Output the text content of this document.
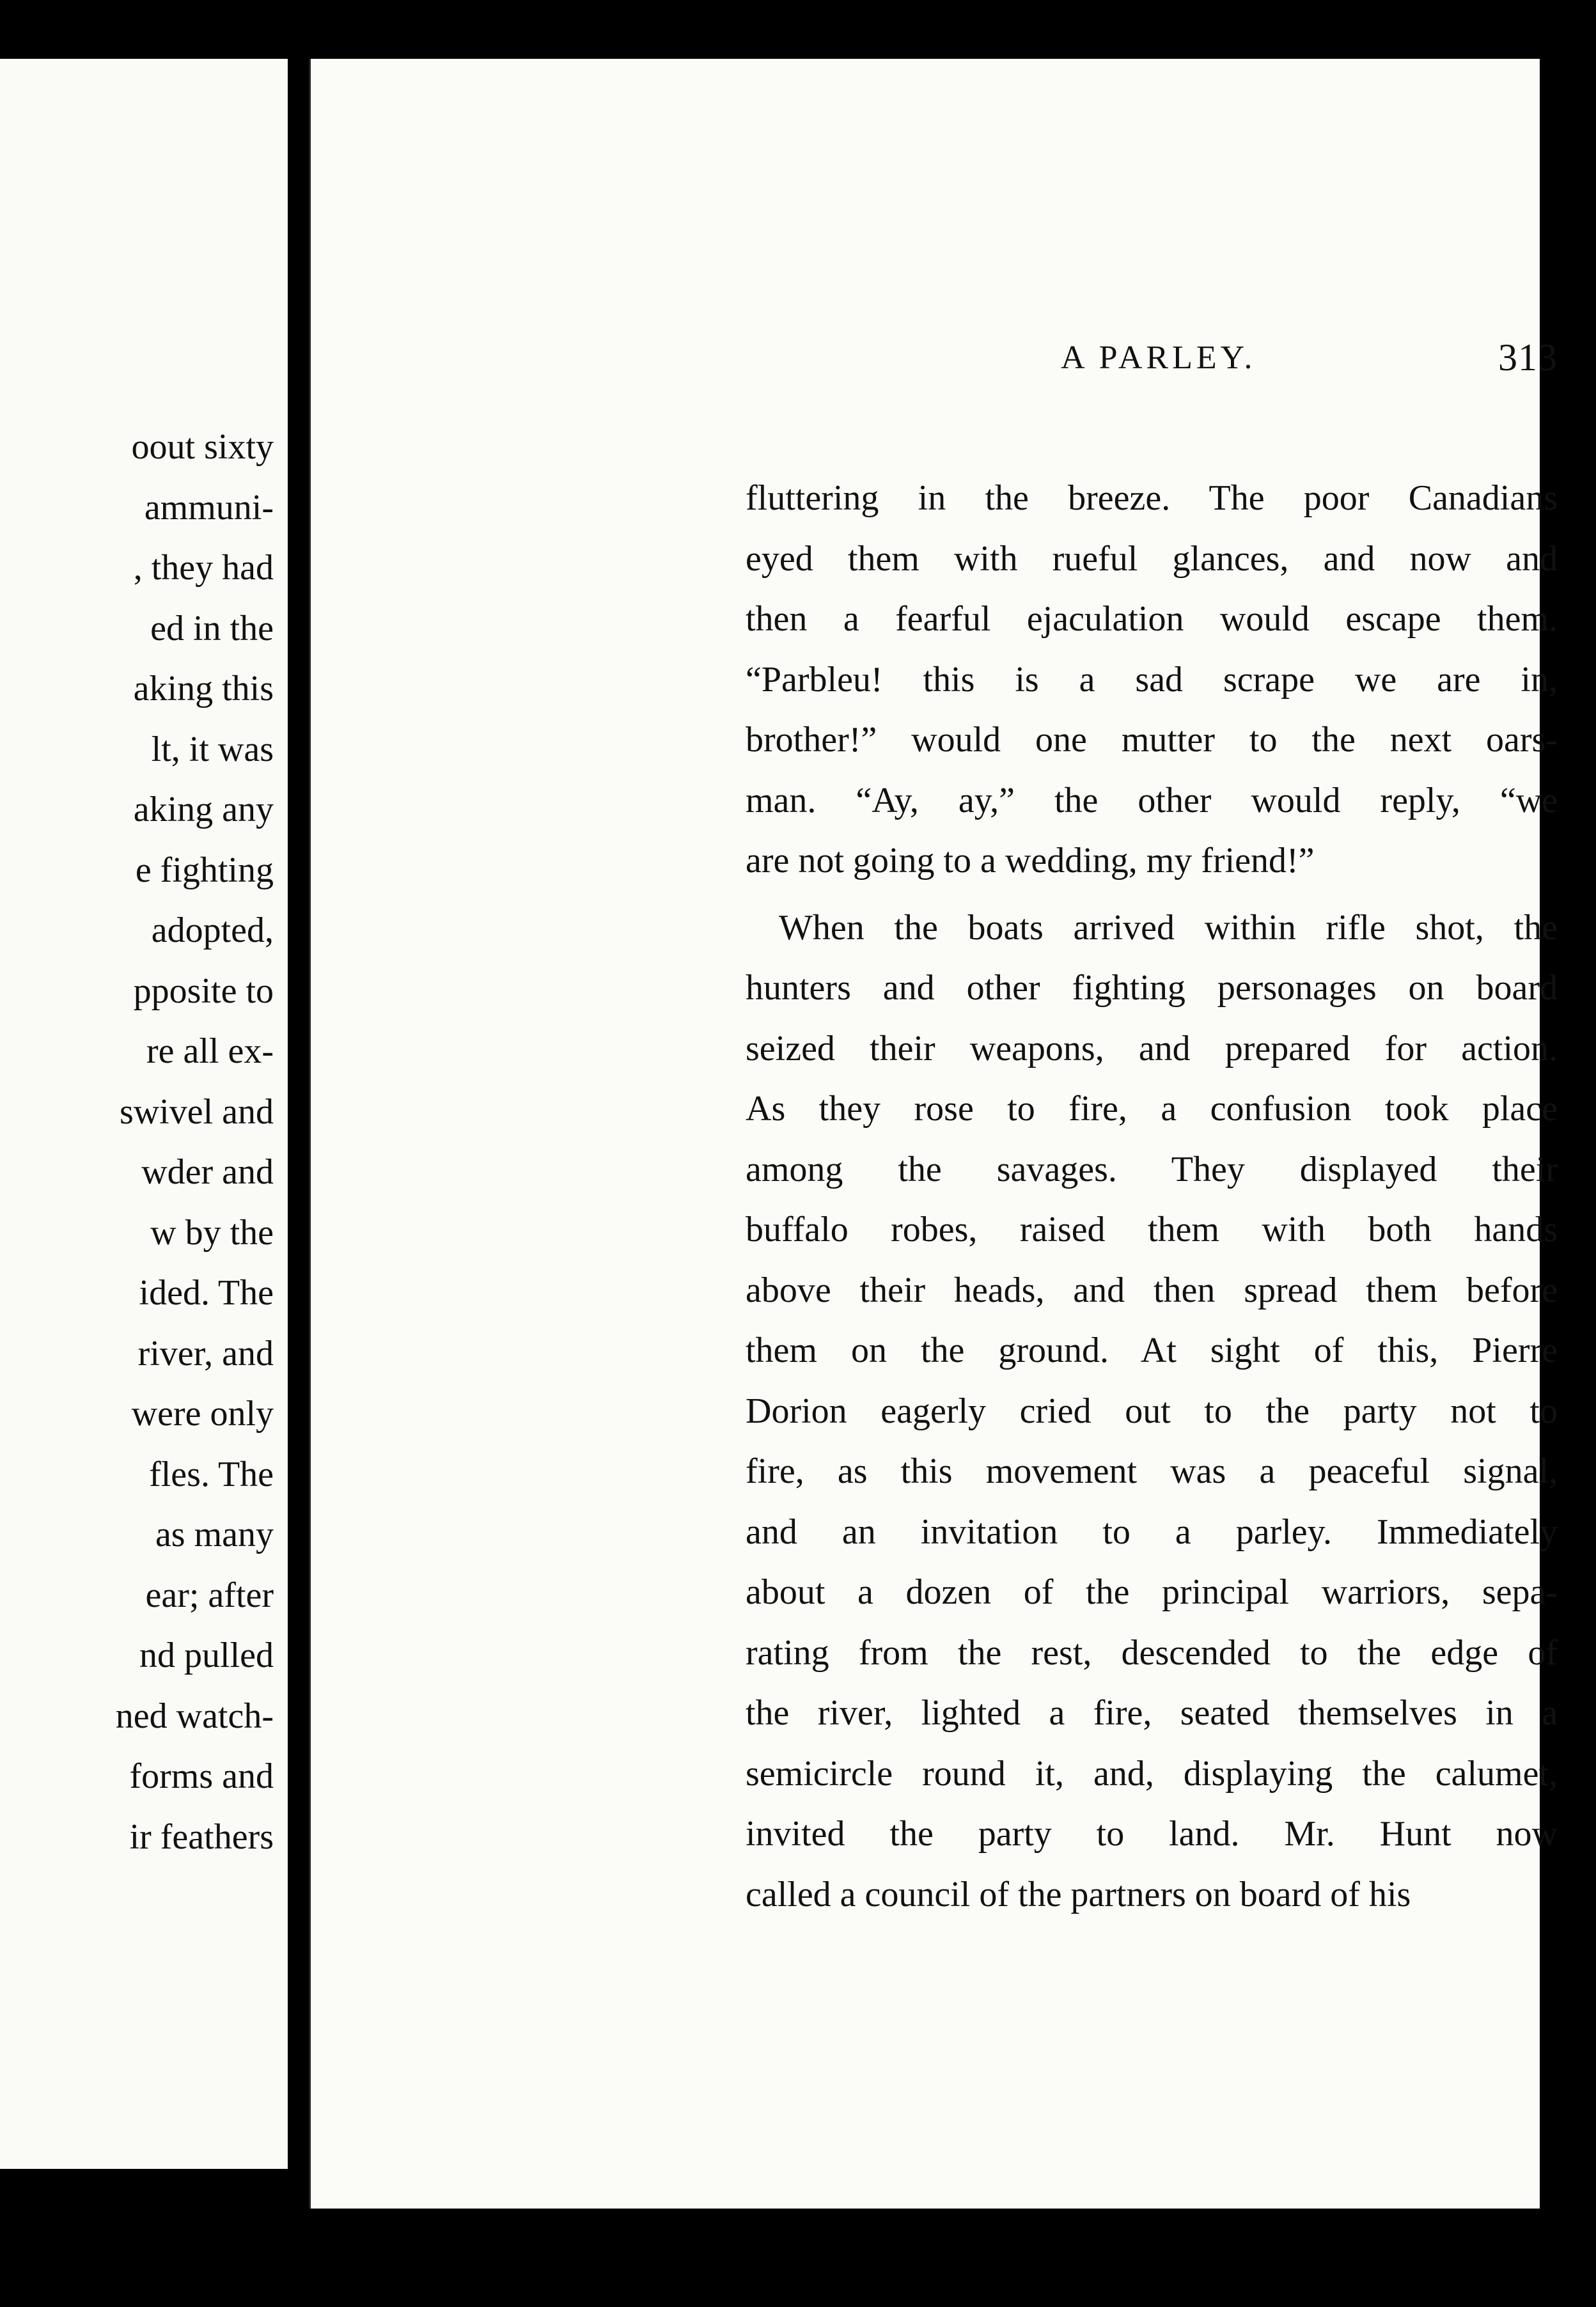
oout sixty
ammuni-
, they had
ed in the
aking this
lt, it was
aking any
e fighting
adopted,
pposite to
re all ex-
swivel and
wder and
w by the
ided. The
river, and
were only
fles. The
as many
ear; after
nd pulled
ned watch-
forms and
ir feathers
A PARLEY.	313
fluttering in the breeze. The poor Canadians
eyed them with rueful glances, and now and
then a fearful ejaculation would escape them.
“Parbleu! this is a sad scrape we are in,
brother!” would one mutter to the next oars-
man. “Ay, ay,” the other would reply, “we
are not going to a wedding, my friend!”
When the boats arrived within rifle shot, the
hunters and other fighting personages on board
seized their weapons, and prepared for action.
As they rose to fire, a confusion took place
among the savages. They displayed their
buffalo robes, raised them with both hands
above their heads, and then spread them before
them on the ground. At sight of this, Pierre
Dorion eagerly cried out to the party not to
fire, as this movement was a peaceful signal,
and an invitation to a parley. Immediately
about a dozen of the principal warriors, sepa-
rating from the rest, descended to the edge of
the river, lighted a fire, seated themselves in a
semicircle round it, and, displaying the calumet,
invited the party to land. Mr. Hunt now
called a council of the partners on board of his
